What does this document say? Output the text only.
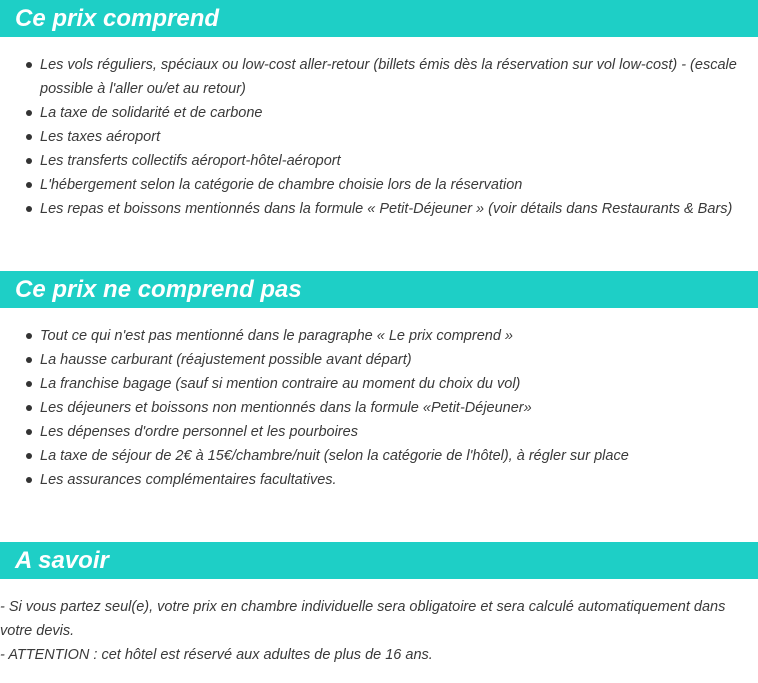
Ce prix comprend
Les vols réguliers, spéciaux ou low-cost aller-retour (billets émis dès la réservation sur vol low-cost) - (escale possible à l'aller ou/et au retour)
La taxe de solidarité et de carbone
Les taxes aéroport
Les transferts collectifs aéroport-hôtel-aéroport
L'hébergement selon la catégorie de chambre choisie lors de la réservation
Les repas et boissons mentionnés dans la formule « Petit-Déjeuner » (voir détails dans Restaurants & Bars)
Ce prix ne comprend pas
Tout ce qui n'est pas mentionné dans le paragraphe « Le prix comprend »
La hausse carburant (réajustement possible avant départ)
La franchise bagage (sauf si mention contraire au moment du choix du vol)
Les déjeuners et boissons non mentionnés dans la formule «Petit-Déjeuner»
Les dépenses d'ordre personnel et les pourboires
La taxe de séjour de 2€ à 15€/chambre/nuit (selon la catégorie de l'hôtel), à régler sur place
Les assurances complémentaires facultatives.
A savoir

- Si vous partez seul(e), votre prix en chambre individuelle sera obligatoire et sera calculé automatiquement dans votre devis.

- ATTENTION : cet hôtel est réservé aux adultes de plus de 16 ans.
